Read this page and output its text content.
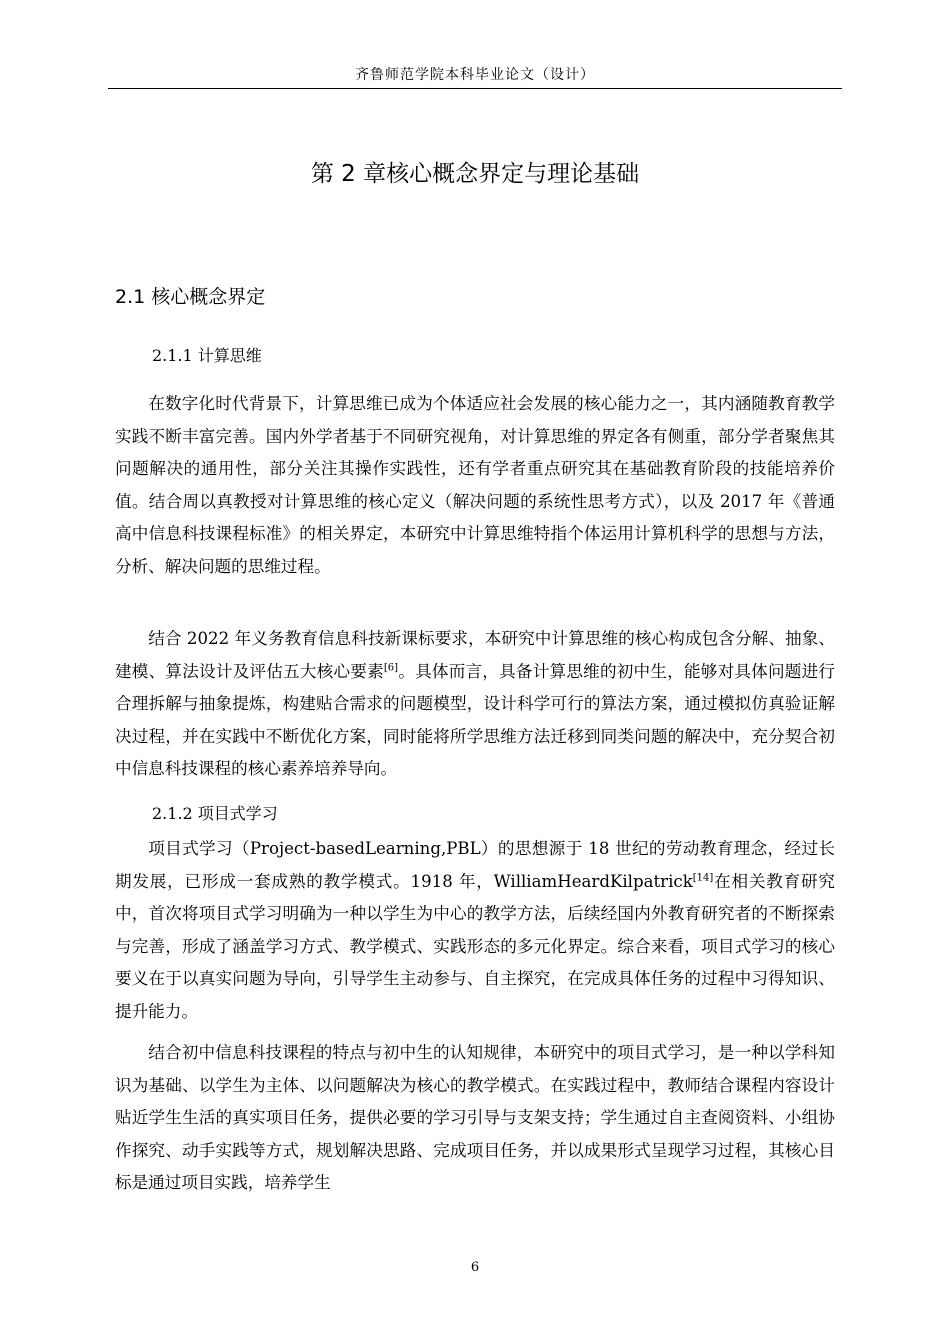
齐鲁师范学院本科毕业论文（设计）
第 2 章核心概念界定与理论基础
2.1 核心概念界定
2.1.1 计算思维

在数字化时代背景下，计算思维已成为个体适应社会发展的核心能力之一，其内涵随教育教学实践不断丰富完善。国内外学者基于不同研究视角，对计算思维的界定各有侧重，部分学者聚焦其问题解决的通用性，部分关注其操作实践性，还有学者重点研究其在基础教育阶段的技能培养价值。结合周以真教授对计算思维的核心定义（解决问题的系统性思考方式），以及 2017 年《普通高中信息科技课程标准》的相关界定，本研究中计算思维特指个体运用计算机科学的思想与方法，分析、解决问题的思维过程。

结合 2022 年义务教育信息科技新课标要求，本研究中计算思维的核心构成包含分解、抽象、建模、算法设计及评估五大核心要素[6]。具体而言，具备计算思维的初中生，能够对具体问题进行合理拆解与抽象提炼，构建贴合需求的问题模型，设计科学可行的算法方案，通过模拟仿真验证解决过程，并在实践中不断优化方案，同时能将所学思维方法迁移到同类问题的解决中，充分契合初中信息科技课程的核心素养培养导向。

2.1.2 项目式学习

项目式学习（Project-basedLearning,PBL）的思想源于 18 世纪的劳动教育理念，经过长期发展，已形成一套成熟的教学模式。1918 年，WilliamHeardKilpatrick[14]在相关教育研究中，首次将项目式学习明确为一种以学生为中心的教学方法，后续经国内外教育研究者的不断探索与完善，形成了涵盖学习方式、教学模式、实践形态的多元化界定。综合来看，项目式学习的核心要义在于以真实问题为导向，引导学生主动参与、自主探究，在完成具体任务的过程中习得知识、提升能力。

结合初中信息科技课程的特点与初中生的认知规律，本研究中的项目式学习，是一种以学科知识为基础、以学生为主体、以问题解决为核心的教学模式。在实践过程中，教师结合课程内容设计贴近学生生活的真实项目任务，提供必要的学习引导与支架支持；学生通过自主查阅资料、小组协作探究、动手实践等方式，规划解决思路、完成项目任务，并以成果形式呈现学习过程，其核心目标是通过项目实践，培养学生

6
